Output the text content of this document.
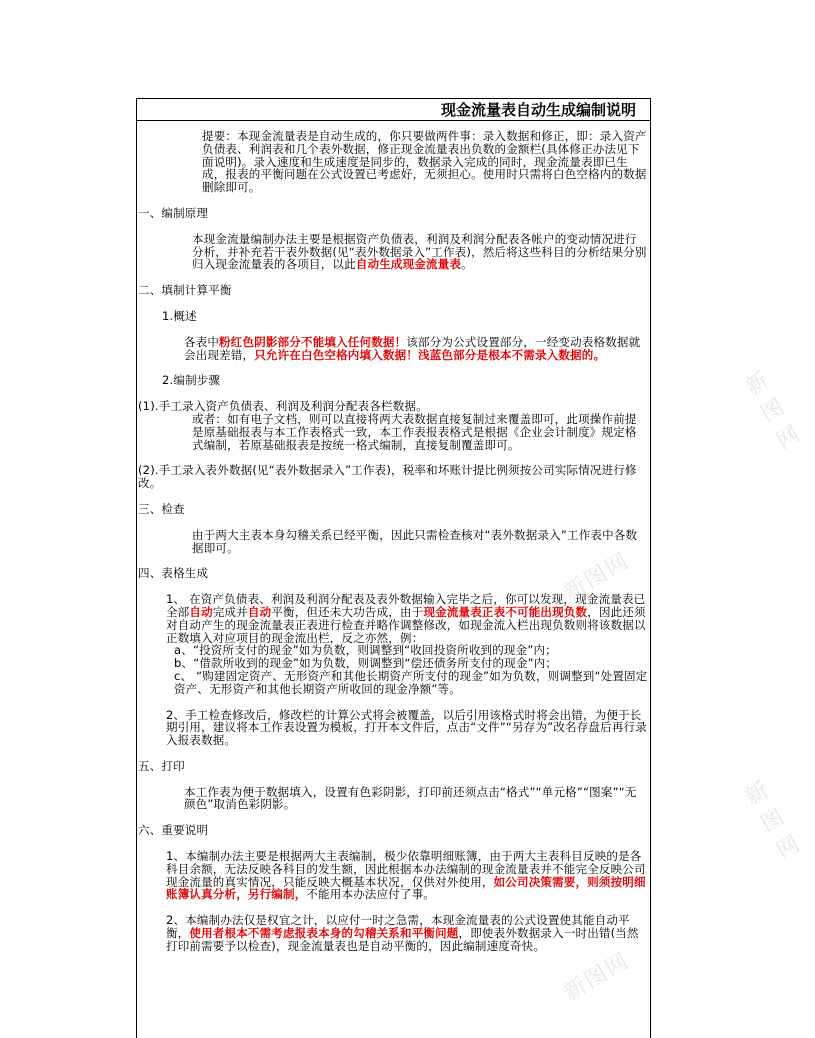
现金流量表自动生成编制说明

提要：本现金流量表是自动生成的，你只要做两件事：录入数据和修正，即：录入资产负债表、利润表和几个表外数据，修正现金流量表出负数的金额栏(具体修正办法见下面说明)。录入速度和生成速度是同步的，数据录入完成的同时，现金流量表即已生成，报表的平衡问题在公式设置已考虑好，无须担心。使用时只需将白色空格内的数据删除即可。

一、编制原理

本现金流量编制办法主要是根据资产负债表，利润及利润分配表各帐户的变动情况进行分析，并补充若干表外数据(见“表外数据录入”工作表)，然后将这些科目的分析结果分别归入现金流量表的各项目，以此自动生成现金流量表。

二、填制计算平衡

1.概述

各表中粉红色阴影部分不能填入任何数据！该部分为公式设置部分，一经变动表格数据就会出现差错，只允许在白色空格内填入数据！浅蓝色部分是根本不需录入数据的。

2.编制步骤

(1).手工录入资产负债表、利润及利润分配表各栏数据。

或者：如有电子文档，则可以直接将两大表数据直接复制过来覆盖即可，此项操作前提是原基础报表与本工作表格式一致，本工作表报表格式是根据《企业会计制度》规定格式编制，若原基础报表是按统一格式编制，直接复制覆盖即可。

(2).手工录入表外数据(见“表外数据录入”工作表)，税率和坏账计提比例须按公司实际情况进行修改。

三、检查

由于两大主表本身勾稽关系已经平衡，因此只需检查核对“表外数据录入”工作表中各数据即可。

四、表格生成

1、 在资产负债表、利润及利润分配表及表外数据输入完毕之后，你可以发现，现金流量表已全部自动完成并自动平衡，但还未大功告成，由于现金流量表正表不可能出现负数，因此还须对自动产生的现金流量表正表进行检查并略作调整修改，如现金流入栏出现负数则将该数据以正数填入对应项目的现金流出栏，反之亦然，例：

a、“投资所支付的现金”如为负数，则调整到“收回投资所收到的现金”内；

b、“借款所收到的现金”如为负数，则调整到“偿还债务所支付的现金”内；

c、 “购建固定资产、无形资产和其他长期资产所支付的现金”如为负数，则调整到“处置固定资产、无形资产和其他长期资产所收回的现金净额”等。

2、手工检查修改后，修改栏的计算公式将会被覆盖，以后引用该格式时将会出错，为便于长期引用，建议将本工作表设置为模板，打开本文件后，点击“文件”“另存为”改名存盘后再行录入报表数据。

五、打印

本工作表为便于数据填入，设置有色彩阴影，打印前还须点击“格式”“单元格”“图案”“无颜色”取消色彩阴影。

六、重要说明

1、本编制办法主要是根据两大主表编制，极少依靠明细账簿，由于两大主表科目反映的是各科目余额，无法反映各科目的发生额，因此根据本办法编制的现金流量表并不能完全反映公司现金流量的真实情况，只能反映大概基本状况，仅供对外使用，如公司决策需要，则须按明细账簿认真分析，另行编制，不能用本办法应付了事。

2、本编制办法仅是权宜之计，以应付一时之急需，本现金流量表的公式设置使其能自动平衡，使用者根本不需考虑报表本身的勾稽关系和平衡问题，即使表外数据录入一时出错(当然打印前需要予以检查)，现金流量表也是自动平衡的，因此编制速度奇快。

新图网
新图网
新图网
新图网
